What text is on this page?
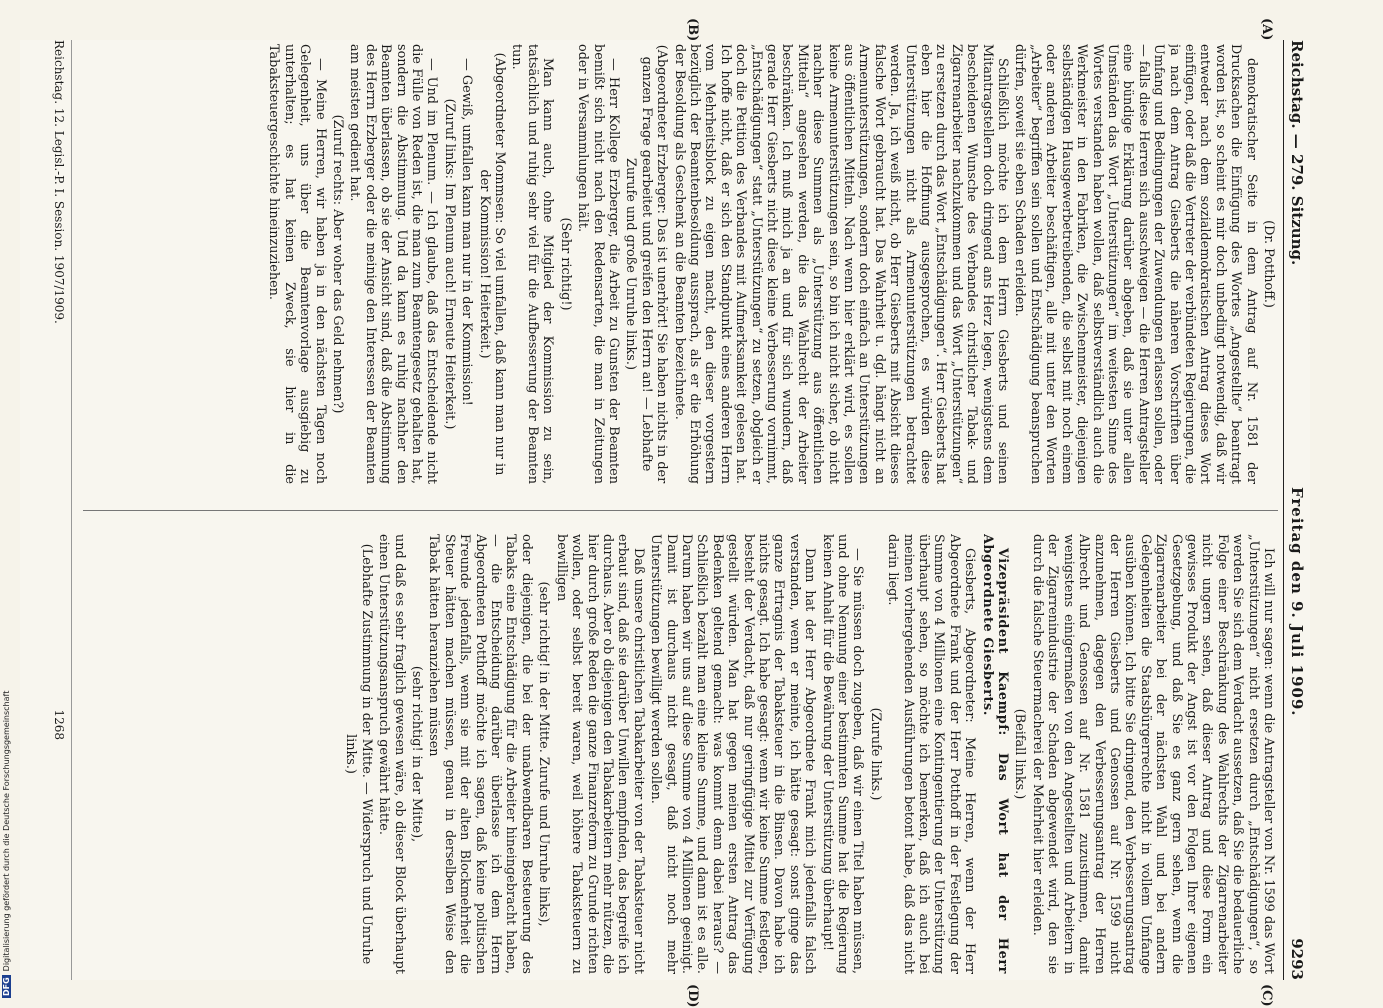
Reichstag. — 279. Sitzung.
Freitag den 9. Juli 1909.
9293
(A)
(B)
(C)
(D)

(Dr. Potthoff.)

demokratischer Seite in dem Antrag auf Nr. 1581 der Drucksachen die Einfügung des Wortes „Angestellte“ beantragt worden ist, so scheint es mir doch unbedingt notwendig, daß wir entweder nach dem sozialdemokratischen Antrag dieses Wort einfügen, oder daß die Vertreter der verbündeten Regierungen, die ja nach dem Antrag Giesberts die näheren Vorschriften über Umfang und Bedingungen der Zuwendungen erlassen sollen, oder — falls diese Herren sich ausschweigen — die Herren Antragsteller eine bündige Erklärung darüber abgeben, daß sie unter allen Umständen das Wort „Unterstützungen“ im weitesten Sinne des Wortes verstanden haben wollen, daß selbstverständlich auch die Werkmeister in den Fabriken, die Zwischenmeister, diejenigen selbständigen Hausgewerbetreibenden, die selbst mit noch einem oder anderen Arbeiter beschäftigen, alle mit unter den Worten „Arbeiter“ begriffen sein sollen und Entschädigung beanspruchen dürfen, soweit sie eben Schaden erleiden.

Schließlich möchte ich dem Herrn Giesberts und seinen Mitantragstellern doch dringend ans Herz legen, wenigstens dem bescheidenen Wunsche des Verbandes christlicher Tabak- und Zigarrenarbeiter nachzukommen und das Wort „Unterstützungen“ zu ersetzen durch das Wort „Entschädigungen“. Herr Giesberts hat eben hier die Hoffnung ausgesprochen, es würden diese Unterstützungen nicht als Armenunterstützungen betrachtet werden. Ja, ich weiß nicht, ob Herr Giesberts mit Absicht dieses falsche Wort gebraucht hat. Das Wahrheit u. dgl. hängt nicht an Armenunterstützungen, sondern doch einfach an Unterstützungen aus öffentlichen Mitteln. Nach wenn hier erklärt wird, es sollen keine Armenunterstützungen sein, so bin ich nicht sicher, ob nicht nachher diese Summen als „Unterstützung aus öffentlichen Mitteln“ angesehen werden, die das Wahlrecht der Arbeiter beschränken. Ich muß mich ja an und für sich wundern, daß gerade Herr Giesberts nicht diese kleine Verbesserung vornimmt, „Entschädigungen“ statt „Unterstützungen“ zu setzen, obgleich er doch die Petition des Verbandes mit Aufmerksamkeit gelesen hat. Ich hoffe nicht, daß er sich den Standpunkt eines anderen Herrn vom Mehrheitsblock zu eigen macht, den dieser vorgestern bezüglich der Beamtenbesoldung aussprach, als er die Erhöhung der Besoldung als Geschenk an die Beamten bezeichnete.

(Abgeordneter Erzberger: Das ist unerhört! Sie haben nichts in der ganzen Frage gearbeitet und greifen den Herrn an! — Lebhafte Zurufe und große Unruhe links.)

— Herr Kollege Erzberger, die Arbeit zu Gunsten der Beamten bemißt sich nicht nach den Redensarten, die man in Zeitungen oder in Versammlungen hält.

(Sehr richtig!)

Man kann auch, ohne Mitglied der Kommission zu sein, tatsächlich und ruhig sehr viel für die Aufbesserung der Beamten tun.

(Abgeordneter Mommsen: So viel umfallen, daß kann man nur in der Kommission! Heiterkeit.)

— Gewiß, umfallen kann man nur in der Kommission!

(Zuruf links: Im Plenum auch! Erneute Heiterkeit.)

— Und im Plenum. — Ich glaube, daß das Entscheidende nicht die Fülle von Reden ist, die man zum Beamtengesetz gehalten hat, sondern die Abstimmung. Und da kann es ruhig nachher den Beamten überlassen, ob sie der Ansicht sind, daß die Abstimmung des Herrn Erzberger oder die meinige den Interessen der Beamten am meisten gedient hat.

(Zuruf rechts: Aber woher das Geld nehmen?)

— Meine Herren, wir haben ja in den nächsten Tagen noch Gelegenheit, uns über die Beamtenvorlage ausgiebig zu unterhalten; es hat keinen Zweck, sie hier in die Tabaksteuergeschichte hineinzuziehen.

Ich will nur sagen: wenn die Antragsteller von Nr. 1599 das Wort „Unterstützungen“ nicht ersetzen durch „Entschädigungen“, so werden Sie sich dem Verdacht aussetzen, daß Sie die bedauerliche Folge einer Beschränkung des Wahlrechts der Zigarrenarbeiter nicht ungern sehen, daß dieser Antrag und diese Form ein gewisses Produkt der Angst ist vor den Folgen Ihrer eigenen Gesetzgebung, und daß Sie es ganz gern sehen, wenn die Zigarrenarbeiter bei der nächsten Wahl und bei andern Gelegenheiten die Staatsbürgerrechte nicht in vollem Umfange ausüben können. Ich bitte Sie dringend, den Verbesserungsantrag der Herren Giesberts und Genossen auf Nr. 1599 nicht anzunehmen, dagegen den Verbesserungsantrag der Herren Albrecht und Genossen auf Nr. 1581 zuzustimmen, damit wenigstens einigermaßen von den Angestellten und Arbeitern in der Zigarrenindustrie der Schaden abgewendet wird, den sie durch die falsche Steuermacherei der Mehrheit hier erleiden.

(Beifall links.)

Vizepräsident Kaempf: Das Wort hat der Herr Abgeordnete Giesberts.

Giesberts, Abgeordneter: Meine Herren, wenn der Herr Abgeordnete Frank und der Herr Potthoff in der Festlegung der Summe von 4 Millionen eine Kontingentierung der Unterstützung überhaupt sehen, so möchte ich bemerken, daß ich auch bei meinen vorhergehenden Ausführungen betont habe, daß das nicht darin liegt.

(Zurufe links.)

— Sie müssen doch zugeben, daß wir einen Titel haben müssen, und ohne Nennung einer bestimmten Summe hat die Regierung keinen Anhalt für die Bewährung der Unterstützung überhaupt!

Dann hat der Herr Abgeordnete Frank mich jedenfalls falsch verstanden, wenn er meinte, ich hätte gesagt: sonst ginge das ganze Ertragnis der Tabaksteuer in die Binsen. Davon habe ich nichts gesagt. Ich habe gesagt: wenn wir keine Summe festlegen, besteht der Verdacht, daß nur geringfügige Mittel zur Verfügung gestellt würden. Man hat gegen meinen ersten Antrag das Bedenken geltend gemacht: was kommt denn dabei heraus? — Schließlich bezahlt man eine kleine Summe, und dann ist es alle. Darum haben wir uns auf diese Summe von 4 Millionen geeinigt. Damit ist durchaus nicht gesagt, daß nicht noch mehr Unterstützungen bewilligt werden sollen.

Daß unsere christlichen Tabakarbeiter von der Tabaksteuer nicht erbaut sind, daß sie darüber Unwillen empfinden, das begreife ich durchaus. Aber ob diejenigen den Tabakarbeitern mehr nützen, die hier durch große Reden die ganze Finanzreform zu Grunde richten wollen, oder selbst bereit waren, weil höhere Tabaksteuern zu bewilligen

(sehr richtig! in der Mitte. Zurufe und Unruhe links),

oder diejenigen, die bei der unabwendbaren Besteuerung des Tabaks eine Entschädigung für die Arbeiter hineingebracht haben, — die Entscheidung darüber überlasse ich dem Herrn Abgeordneten Potthoff möchte ich sagen, daß keine politischen Freunde jedenfalls, wenn sie mit der alten Blockmehrheit die Steuer hätten machen müssen, genau in derselben Weise den Tabak hätten heranziehen müssen

(sehr richtig! in der Mitte),

und daß es sehr fraglich gewesen wäre, ob dieser Block überhaupt einen Unterstützungsanspruch gewährt hätte.

(Lebhafte Zustimmung in der Mitte. — Widerspruch und Unruhe links.)

Reichstag. 12. Legisl.-P. I. Session. 1907/1909.
1268
DFG
Digitalisierung gefördert durch die Deutsche Forschungsgemeinschaft
